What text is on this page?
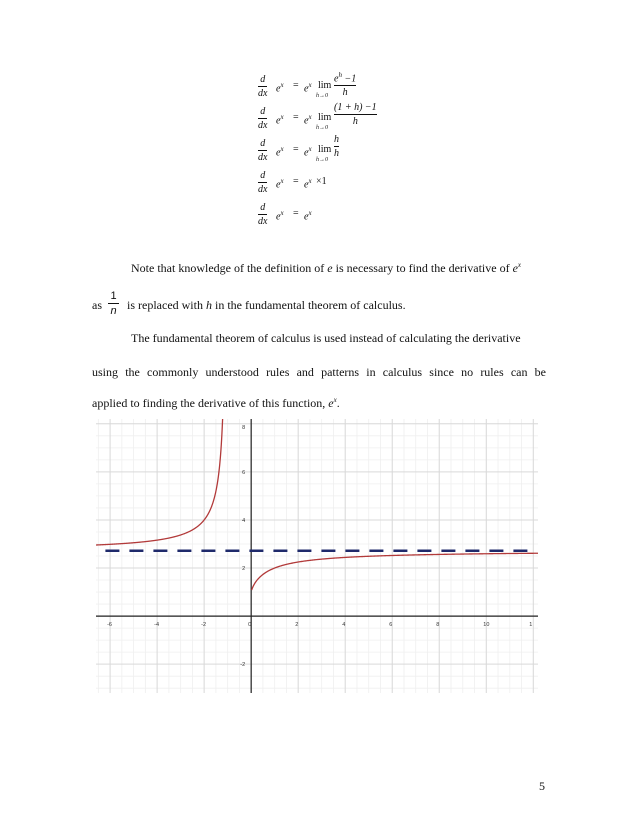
d
dx $e^x = e^x$ lim
h→0
$e^h -1$
h
d
dx $e^x = e^x$ lim
h→0
(1 + h) −1
h
d
dx $e^x = e^x$ lim
h→0
h
h
d
dx $e^x = e^x \times 1$
d
dx $e^x = e^x$
Note that knowledge of the definition of e is necessary to find the derivative of $e^x$
as
1
n is replaced with h in the fundamental theorem of calculus.
The fundamental theorem of calculus is used instead of calculating the derivative
using the commonly understood rules and patterns in calculus since no rules can be
applied to finding the derivative of this function, $e^x$.
-6	-4	-2	0	2	4	6	8	10	1
6
4
2
-2
8
5
